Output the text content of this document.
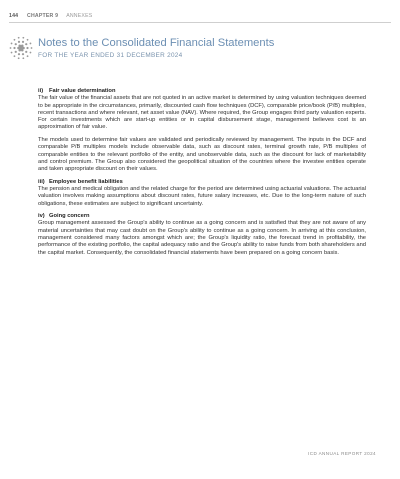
144	CHAPTER 9 ANNEXES
Notes to the Consolidated Financial Statements
FOR THE YEAR ENDED 31 DECEMBER 2024
ii) Fair value determination

The fair value of the financial assets that are not quoted in an active market is determined by using valuation techniques deemed to be appropriate in the circumstances, primarily, discounted cash flow techniques (DCF), comparable price/book (P/B) multiples, recent transactions and where relevant, net asset value (NAV). Where required, the Group engages third party valuation experts. For certain investments which are start-up entities or in capital disbursement stage, management believes cost is an approximation of fair value.

The models used to determine fair values are validated and periodically reviewed by management. The inputs in the DCF and comparable P/B multiples models include observable data, such as discount rates, terminal growth rate, P/B multiples of comparable entities to the relevant portfolio of the entity, and unobservable data, such as the discount for lack of marketability and control premium. The Group also considered the geopolitical situation of the countries where the investee entities operate and taken appropriate discount on their values.

iii) Employee benefit liabilities

The pension and medical obligation and the related charge for the period are determined using actuarial valuations. The actuarial valuation involves making assumptions about discount rates, future salary increases, etc. Due to the long-term nature of such obligations, these estimates are subject to significant uncertainty.

iv) Going concern

Group management assessed the Group's ability to continue as a going concern and is satisfied that they are not aware of any material uncertainties that may cast doubt on the Group's ability to continue as a going concern. In arriving at this conclusion, management considered many factors amongst which are; the Group's liquidity ratio, the forecast trend in profitability, the performance of the existing portfolio, the capital adequacy ratio and the Group's ability to raise funds from both shareholders and the capital market. Consequently, the consolidated financial statements have been prepared on a going concern basis.

ICD ANNUAL REPORT 2024
